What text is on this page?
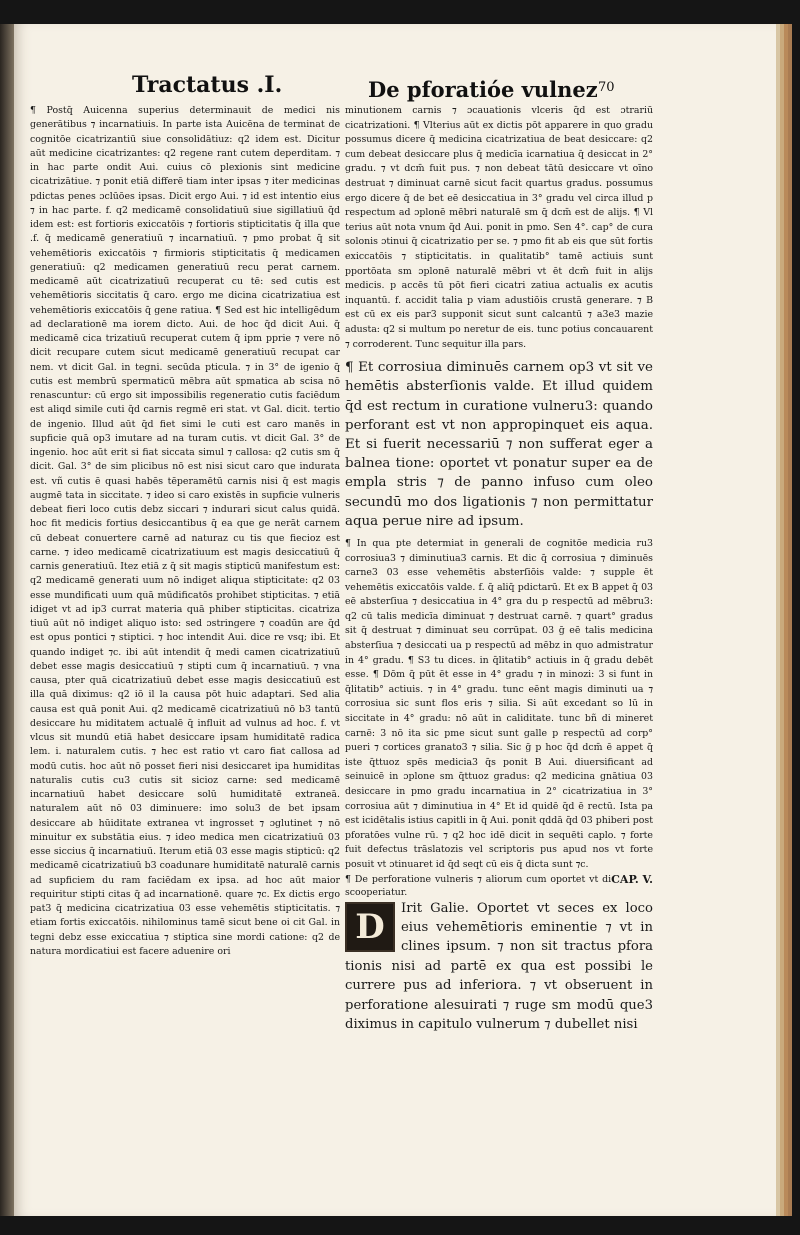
Tractatus .I.	De pforatióe vulnez 70

¶ Postq̄ Auicenna superius determinauit de medici nis generātibus ⁊ incarnatiuis. In parte ista Auicēna de terminat de cognitōe cicatrizantiū siue consolidātiuz: q2 idem est. Dicitur aūt medicine cicatrizantes: q2 regene rant cutem deperditam. ⁊ in hac parte ondit Aui. cuius cō plexionis sint medicine cicatrizātiue. ⁊ ponit etiā differē tiam inter ipsas ⁊ iter medicinas pdictas penes ɔclūōes ipsas. Dicit ergo Aui. ⁊ id est intentio eius ⁊ in hac parte. f. q2 medicamē consolidatiuū siue sigillatiuū q̄d idem est: est fortioris exiccatōis ⁊ fortioris stipticitatis q̄ illa que .f. q̄ medicamē generatiuū ⁊ incarnatiuū. ⁊ pmo probat q̄ sit vehemētioris exiccatōis ⁊ firmioris stipticitatis q̄ medicamen generatiuū: q2 medicamen generatiuū recu perat carnem. medicamē aūt cicatrizatiuū recuperat cu tē: sed cutis est vehemētioris siccitatis q̄ caro. ergo me dicina cicatrizatiua est vehemētioris exiccatōis q̄ gene ratiua. ¶ Sed est hic intelligēdum ad declarationē ma iorem dicto. Aui. de hoc q̄d dicit Aui. q̄ medicamē cica trizatiuū recuperat cutem q̄ ipm pprie ⁊ vere nō dicit recupare cutem sicut medicamē generatiuū recupat car nem. vt dicit Gal. in tegni. secūda pticula. ⁊ in 3° de igenio q̄ cutis est membrū spermaticū mēbra aūt spmatica ab scisa nō renascuntur: cū ergo sit impossibilis regeneratio cutis faciēdum est aliqd simile cuti q̄d carnis regmē eri stat. vt Gal. dicit. tertio de ingenio. Illud aūt q̄d fiet simi le cuti est caro manēs in supficie quā op3 imutare ad na turam cutis. vt dicit Gal. 3° de ingenio. hoc aūt erit si fiat siccata simul ⁊ callosa: q2 cutis sm q̄ dicit. Gal. 3° de sim plicibus nō est nisi sicut caro que indurata est. vñ cutis ē quasi habēs tēperamētū carnis nisi q̄ est magis augmē tata in siccitate. ⁊ ideo si caro existēs in supficie vulneris debeat fieri loco cutis debz siccari ⁊ indurari sicut calus quidā. hoc fit medicis fortius desiccantibus q̄ ea que ge nerāt carnem cū debeat conuertere carnē ad naturaz cu tis que fiecioz est carne. ⁊ ideo medicamē cicatrizatiuum est magis desiccatiuū q̄ carnis generatiuū. Itez etiā z q̄ sit magis stipticū manifestum est: q2 medicamē generati uum nō indiget aliqua stipticitate: q2 03 esse mundificati uum quā mūdificatōs prohibet stipticitas. ⁊ etiā idiget vt ad ip3 currat materia quā phiber stipticitas. cicatriza tiuū aūt nō indiget aliquo isto: sed ɔstringere ⁊ coadūn are q̄d est opus pontici ⁊ stiptici. ⁊ hoc intendit Aui. dice re vsq; ibi. Et quando indiget ⁊c. ibi aūt intendit q̄ medi camen cicatrizatiuū debet esse magis desiccatiuū ⁊ stipti cum q̄ incarnatiuū. ⁊ vna causa, pter quā cicatrizatiuū debet esse magis desiccatiuū est illa quā diximus: q2 iō il la causa pōt huic adaptari. Sed alia causa est quā ponit Aui. q2 medicamē cicatrizatiuū nō b3 tantū desiccare hu miditatem actualē q̄ influit ad vulnus ad hoc. f. vt vlcus sit mundū etiā habet desiccare ipsam humiditatē radica lem. i. naturalem cutis. ⁊ hec est ratio vt caro fiat callosa ad modū cutis. hoc aūt nō posset fieri nisi desiccaret ipa humiditas naturalis cutis cu3 cutis sit sicioz carne: sed medicamē incarnatiuū habet desiccare solū humiditatē extraneā. naturalem aūt nō 03 diminuere: imo solu3 de bet ipsam desiccare ab hūiditate extranea vt ingrosset ⁊ ɔglutinet ⁊ nō minuitur ex substātia eius. ⁊ ideo medica men cicatrizatiuū 03 esse siccius q̄ incarnatiuū. Iterum etiā 03 esse magis stipticū: q2 medicamē cicatrizatiuū b3 coadunare humiditatē naturalē carnis ad supficiem du ram faciēdam ex ipsa. ad hoc aūt maior requiritur stipti citas q̄ ad incarnationē. quare ⁊c. Ex dictis ergo pat3 q̄ medicina cicatrizatiua 03 esse vehemētis stipticitatis. ⁊ etiam fortis exiccatōis. nihilominus tamē sicut bene oi cit Gal. in tegni debz esse exiccatiua ⁊ stiptica sine mordi catione: q2 de natura mordicatiui est facere aduenire ori

minutionem carnis ⁊ ɔcauationis vlceris q̄d est ɔtrariū cicatrizationi. ¶ Vlterius aūt ex dictis pōt apparere in quo gradu possumus dicere q̄ medicina cicatrizatiua de beat desiccare: q2 cum debeat desiccare plus q̄ medicīa icarnatiua q̄ desiccat in 2° gradu. ⁊ vt dcm̄ fuit pus. ⁊ non debeat tātū desiccare vt oīno destruat ⁊ diminuat carnē sicut facit quartus gradus. possumus ergo dicere q̄ de bet eē desiccatiua in 3° gradu vel circa illud p respectum ad ɔplonē mēbri naturalē sm q̄ dcm̄ est de alijs. ¶ Vl terius aūt nota vnum q̄d Aui. ponit in pmo. Sen 4°. cap° de cura solonis ɔtinui q̄ cicatrizatio per se. ⁊ pmo fit ab eis que sūt fortis exiccatōis ⁊ stipticitatis. in qualitatib° tamē actiuis sunt pportōata sm ɔplonē naturalē mēbri vt ēt dcm̄ fuit in alijs medicis. p accēs tū pōt fieri cicatri zatiua actualis ex acutis inquantū. f. accidit talia p viam adustiōis crustā generare. ⁊ B est cū ex eis par3 supponit sicut sunt calcantū ⁊ a3e3 mazie adusta: q2 si multum po neretur de eis. tunc potius concauarent ⁊ corroderent. Tunc sequitur illa pars.

¶ Et corrosiua diminuēs carnem op3 vt sit ve hemētis absterſionis valde. Et illud quidem q̄d est rectum in curatione vulneru3: quando perforant est vt non appropinquet eis aqua. Et si fuerit necessariū ⁊ non sufferat eger a balnea tione: oportet vt ponatur super ea de empla stris ⁊ de panno infuso cum oleo secundū mo dos ligationis ⁊ non permittatur aqua perue nire ad ipsum.

¶ In qua pte determiat in generali de cognitōe medicia ru3 corrosiua3 ⁊ diminutiua3 carnis. Et dic q̄ corrosiua ⁊ diminuēs carne3 03 esse vehemētis absterſiōis valde: ⁊ supple ēt vehemētis exiccatōis valde. f. q̄ aliq̄ pdictarū. Et ex B appet q̄ 03 eē absterſiua ⁊ desiccatiua in 4° gra du p respectū ad mēbru3: q2 cū talis medicīa diminuat ⁊ destruat carnē. ⁊ quart° gradus sit q̄ destruat ⁊ diminuat seu corrūpat. 03 ḡ eē talis medicina absterſiua ⁊ desiccati ua p respectū ad mēbz in quo admistratur in 4° gradu. ¶ S3 tu dices. in q̄litatib° actiuis in q̄ gradu debēt esse. ¶ Dōm q̄ pūt ēt esse in 4° gradu ⁊ in minozi: 3 si funt in q̄litatib° actiuis. ⁊ in 4° gradu. tunc eēnt magis diminuti ua ⁊ corrosiua sic sunt flos eris ⁊ silia. Si aūt excedant so lū in siccitate in 4° gradu: nō aūt in caliditate. tunc bñ di mineret carnē: 3 nō ita sic pme sicut sunt galle p respectū ad corp° pueri ⁊ cortices granato3 ⁊ silia. Sic ḡ p hoc q̄d dcm̄ ē appet q̄ iste q̄ttuoz spēs medicia3 q̄s ponit B Aui. diuersificant ad seinuicē in ɔplone sm q̄ttuoz gradus: q2 medicina gnātiua 03 desiccare in pmo gradu incarnatiua in 2° cicatrizatiua in 3° corrosiua aūt ⁊ diminutiua in 4° Et id quidē q̄d ē rectū. Ista pa est icidētalis istius capitli in q̄ Aui. ponit qddā q̄d 03 phiberi post pforatōes vulne rū. ⁊ q2 hoc idē dicit in sequēti caplo. ⁊ forte fuit defectus trāslatozis vel scriptoris pus apud nos vt forte posuit vt ɔtinuaret id q̄d seqt cū eis q̄ dicta sunt ⁊c.

CAP. V.
¶ De perforatione vulneris ⁊ aliorum cum oportet vt di scooperiatur.
D	Irit Galie. Oportet vt seces ex loco eius vehemētioris eminentie ⁊ vt in clines ipsum. ⁊ non sit tractus pfora tionis nisi ad partē ex qua est possibi le currere pus ad inferiora. ⁊ vt obseruent in perforatione alesuirati ⁊ ruge sm modū que3 diximus in capitulo vulnerum ⁊ dubellet nisi
